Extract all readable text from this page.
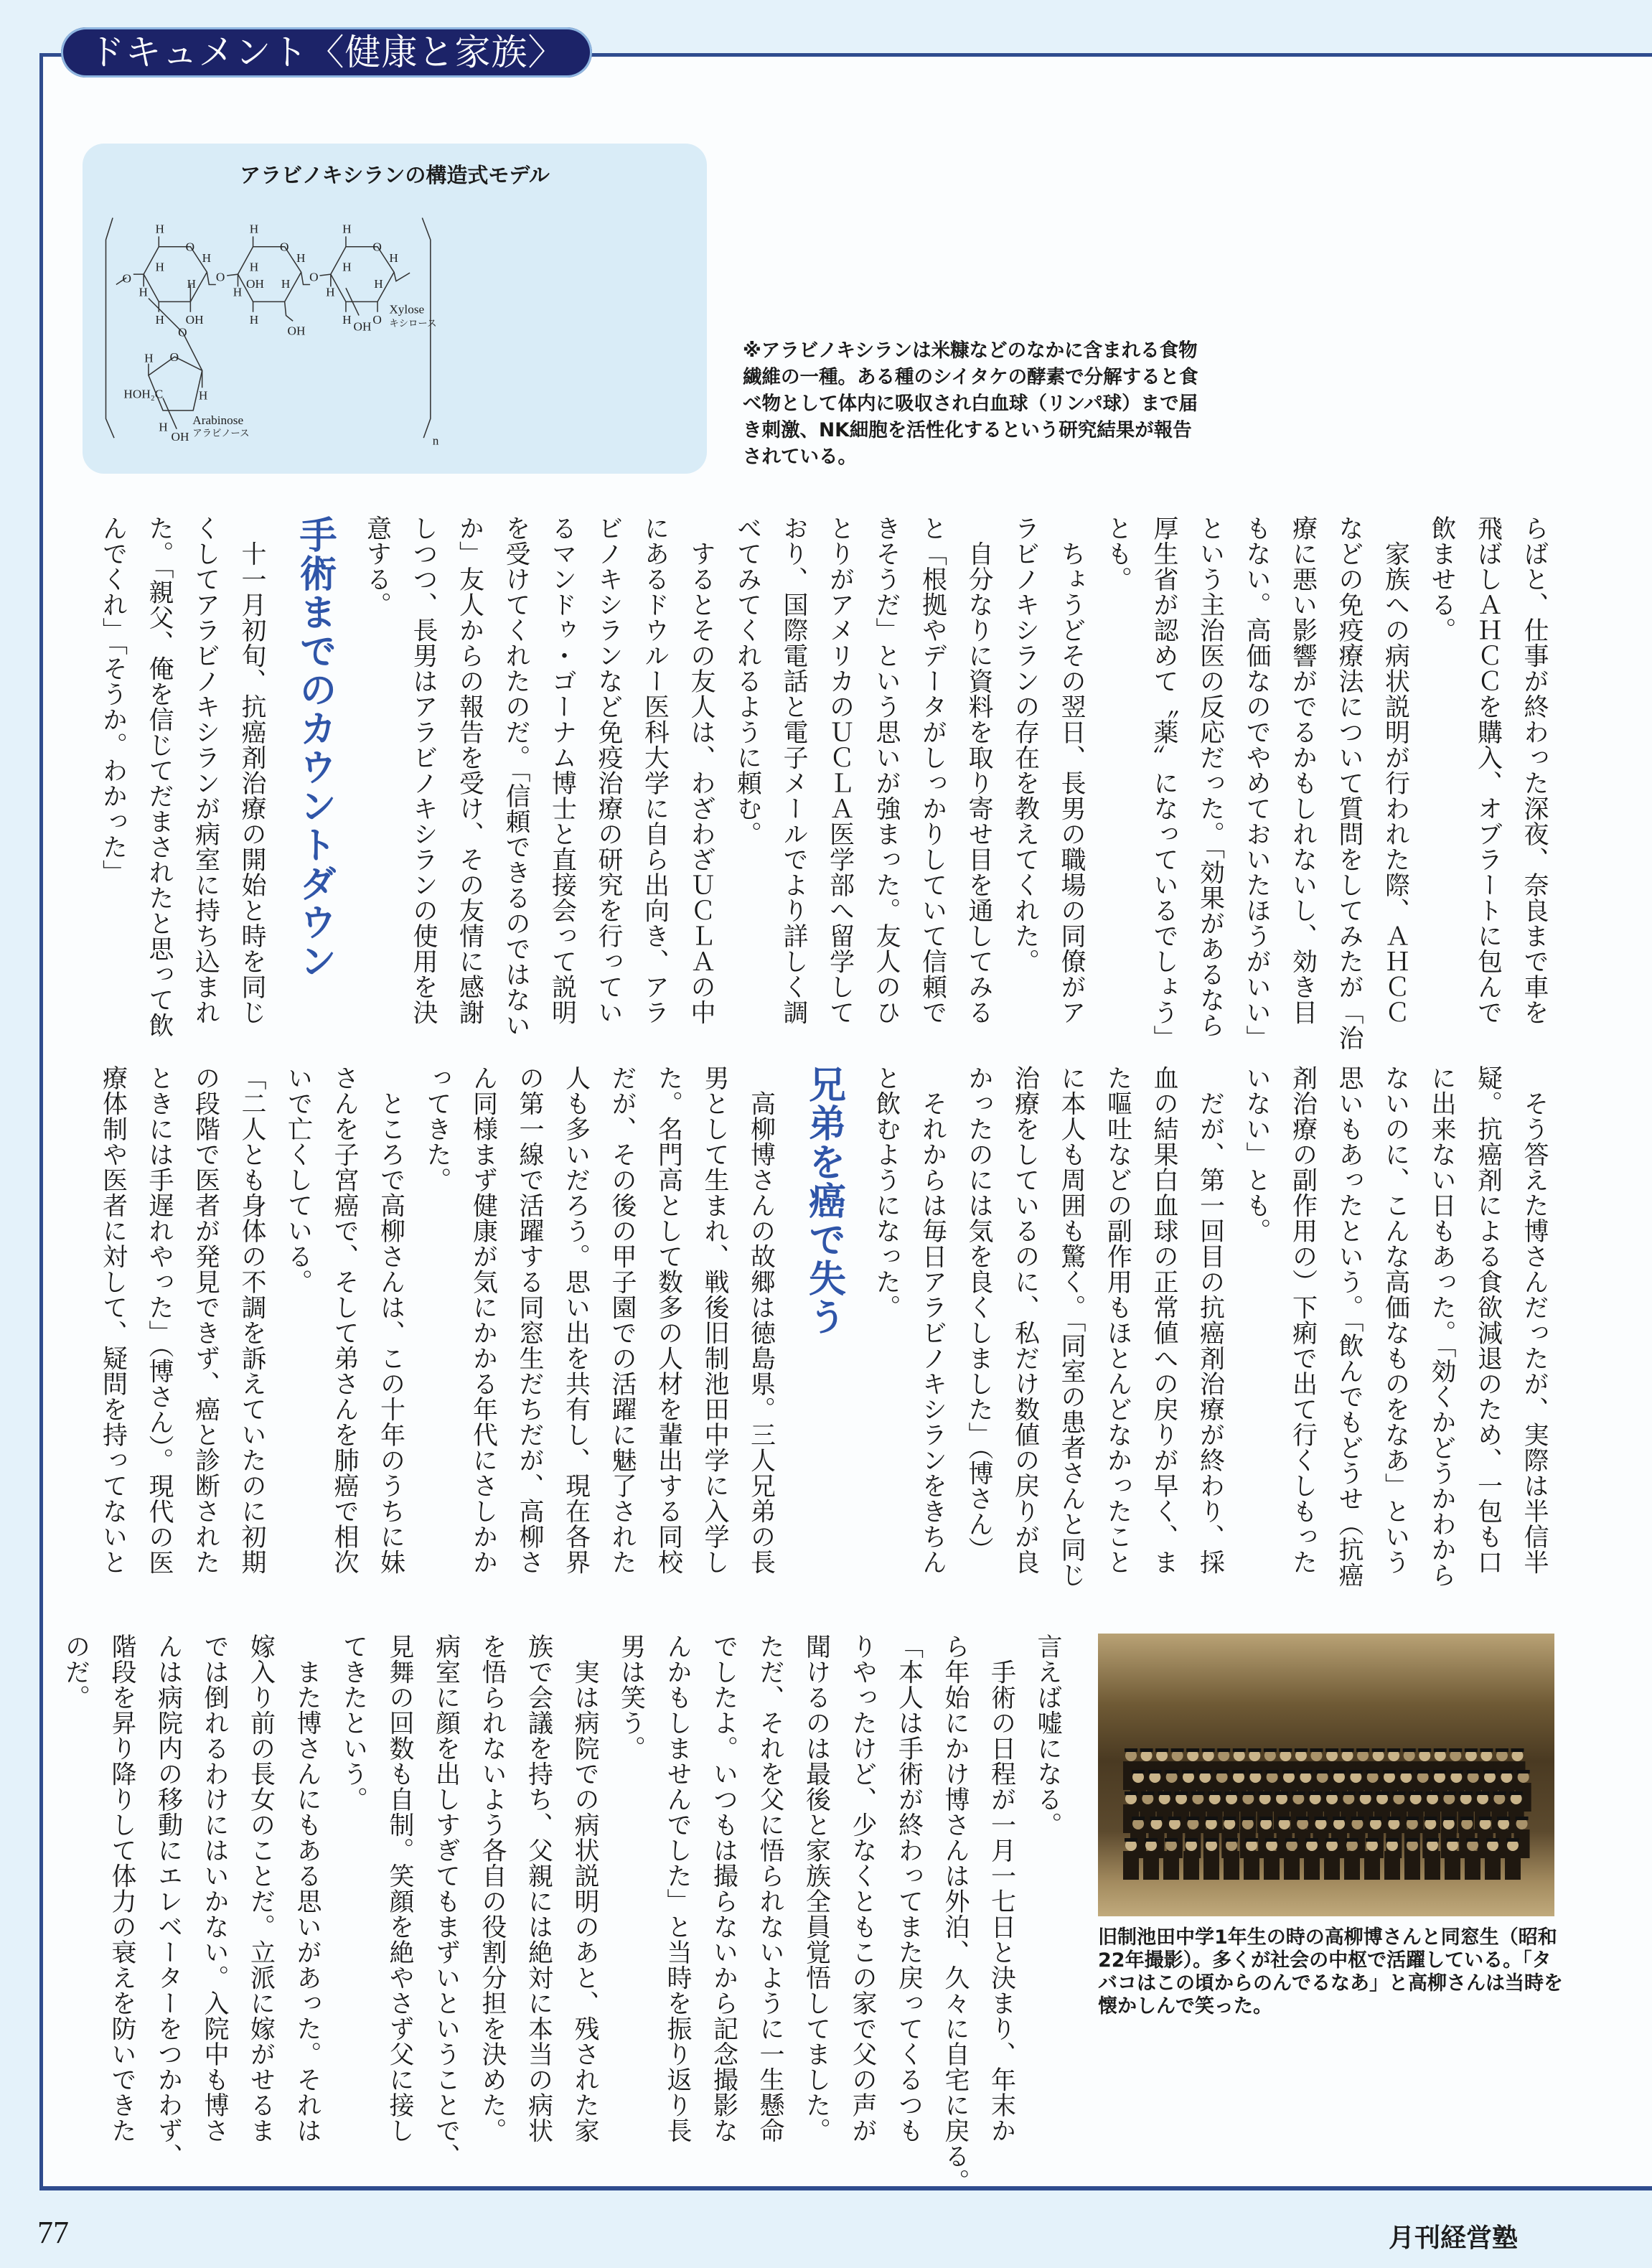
ドキュメント〈健康と家族〉
アラビノキシランの構造式モデル
H
O
H
H
O
H
H
H OH
O
O
H
O
H
H
OH
H
H
H
OH
O
H
O
H
H
H
H
H
OH
O
Xylose
キシロース
H O
H
HOH₂C
H
OH
Arabinose
アラビノース
n
※アラビノキシランは米糠などのなかに含まれる食物繊維の一種。ある種のシイタケの酵素で分解すると食べ物として体内に吸収され白血球（リンパ球）まで届き刺激、NK細胞を活性化するという研究結果が報告されている。
らばと、仕事が終わった深夜、奈良まで車を
飛ばしＡＨＣＣを購入、オブラートに包んで
飲ませる。
　家族への病状説明が行われた際、ＡＨＣＣ
などの免疫療法について質問をしてみたが「治
療に悪い影響がでるかもしれないし、効き目
もない。高価なのでやめておいたほうがいい」
という主治医の反応だった。「効果があるなら
厚生省が認めて〝薬〟になっているでしょう」
とも。
　ちょうどその翌日、長男の職場の同僚がア
ラビノキシランの存在を教えてくれた。
　自分なりに資料を取り寄せ目を通してみる
と「根拠やデータがしっかりしていて信頼で
きそうだ」という思いが強まった。友人のひ
とりがアメリカのＵＣＬＡ医学部へ留学して
おり、国際電話と電子メールでより詳しく調
べてみてくれるように頼む。
　するとその友人は、わざわざＵＣＬＡの中
にあるドウルー医科大学に自ら出向き、アラ
ビノキシランなど免疫治療の研究を行ってい
るマンドゥ・ゴーナム博士と直接会って説明
を受けてくれたのだ。「信頼できるのではない
か」友人からの報告を受け、その友情に感謝
しつつ、長男はアラビノキシランの使用を決
意する。
手術までのカウントダウン
　十一月初旬、抗癌剤治療の開始と時を同じ
くしてアラビノキシランが病室に持ち込まれ
た。「親父、俺を信じてだまされたと思って飲
んでくれ」「そうか。わかった」
　そう答えた博さんだったが、実際は半信半
疑。抗癌剤による食欲減退のため、一包も口
に出来ない日もあった。「効くかどうかわから
ないのに、こんな高価なものをなあ」という
思いもあったという。「飲んでもどうせ（抗癌
剤治療の副作用の）下痢で出て行くしもった
いない」とも。
　だが、第一回目の抗癌剤治療が終わり、採
血の結果白血球の正常値への戻りが早く、ま
た嘔吐などの副作用もほとんどなかったこと
に本人も周囲も驚く。「同室の患者さんと同じ
治療をしているのに、私だけ数値の戻りが良
かったのには気を良くしました」（博さん）
　それからは毎日アラビノキシランをきちん
と飲むようになった。
兄弟を癌で失う
　高柳博さんの故郷は徳島県。三人兄弟の長
男として生まれ、戦後旧制池田中学に入学し
た。名門高として数多の人材を輩出する同校
だが、その後の甲子園での活躍に魅了された
人も多いだろう。思い出を共有し、現在各界
の第一線で活躍する同窓生だちだが、高柳さ
ん同様まず健康が気にかかる年代にさしかか
ってきた。
　ところで高柳さんは、この十年のうちに妹
さんを子宮癌で、そして弟さんを肺癌で相次
いで亡くしている。
「二人とも身体の不調を訴えていたのに初期
の段階で医者が発見できず、癌と診断された
ときには手遅れやった」（博さん）。現代の医
療体制や医者に対して、疑問を持ってないと
言えば嘘になる。
　手術の日程が一月一七日と決まり、年末か
ら年始にかけ博さんは外泊、久々に自宅に戻る。
「本人は手術が終わってまた戻ってくるつも
りやったけど、少なくともこの家で父の声が
聞けるのは最後と家族全員覚悟してました。
ただ、それを父に悟られないように一生懸命
でしたよ。いつもは撮らないから記念撮影な
んかもしませんでした」と当時を振り返り長
男は笑う。
　実は病院での病状説明のあと、残された家
族で会議を持ち、父親には絶対に本当の病状
を悟られないよう各自の役割分担を決めた。
病室に顔を出しすぎてもまずいということで、
見舞の回数も自制。笑顔を絶やさず父に接し
てきたという。
　また博さんにもある思いがあった。それは
嫁入り前の長女のことだ。立派に嫁がせるま
では倒れるわけにはいかない。入院中も博さ
んは病院内の移動にエレベーターをつかわず、
階段を昇り降りして体力の衰えを防いできた
のだ。
旧制池田中学1年生の時の高柳博さんと同窓生（昭和22年撮影）。多くが社会の中枢で活躍している。「タバコはこの頃からのんでるなあ」と高柳さんは当時を懐かしんで笑った。
77	月刊経営塾
